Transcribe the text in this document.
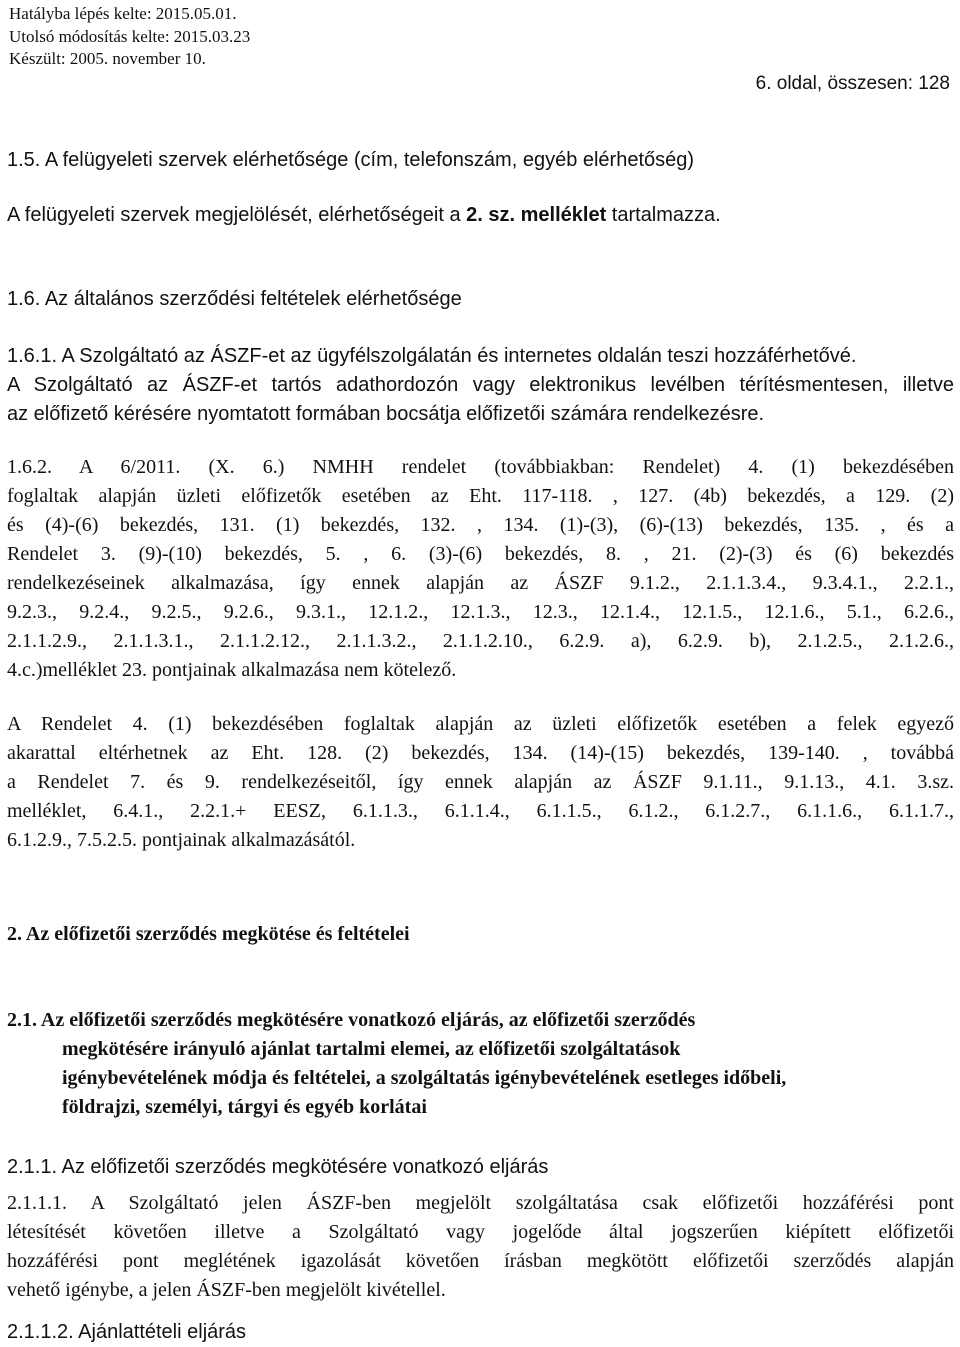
Hatályba lépés kelte: 2015.05.01.
Utolsó módosítás kelte: 2015.03.23
Készült: 2005. november 10.
6. oldal, összesen: 128
1.5. A felügyeleti szervek elérhetősége (cím, telefonszám, egyéb elérhetőség)
A felügyeleti szervek megjelölését, elérhetőségeit a 2. sz. melléklet tartalmazza.
1.6. Az általános szerződési feltételek elérhetősége
1.6.1. A Szolgáltató az ÁSZF-et az ügyfélszolgálatán és internetes oldalán teszi hozzáférhetővé.
A Szolgáltató az ÁSZF-et tartós adathordozón vagy elektronikus levélben térítésmentesen, illetve
az előfizető kérésére nyomtatott formában bocsátja előfizetői számára rendelkezésre.
1.6.2. A 6/2011. (X. 6.) NMHH rendelet (továbbiakban: Rendelet) 4. (1) bekezdésében
foglaltak alapján üzleti előfizetők esetében az Eht. 117-118. , 127. (4b) bekezdés, a 129. (2)
és (4)-(6) bekezdés, 131. (1) bekezdés, 132. , 134. (1)-(3), (6)-(13) bekezdés, 135. , és a
Rendelet 3. (9)-(10) bekezdés, 5. , 6. (3)-(6) bekezdés, 8. , 21. (2)-(3) és (6) bekezdés
rendelkezéseinek alkalmazása, így ennek alapján az ÁSZF 9.1.2., 2.1.1.3.4., 9.3.4.1., 2.2.1.,
9.2.3., 9.2.4., 9.2.5., 9.2.6., 9.3.1., 12.1.2., 12.1.3., 12.3., 12.1.4., 12.1.5., 12.1.6., 5.1., 6.2.6.,
2.1.1.2.9., 2.1.1.3.1., 2.1.1.2.12., 2.1.1.3.2., 2.1.1.2.10., 6.2.9. a), 6.2.9. b), 2.1.2.5., 2.1.2.6.,
4.c.)melléklet 23. pontjainak alkalmazása nem kötelező.
A Rendelet 4. (1) bekezdésében foglaltak alapján az üzleti előfizetők esetében a felek egyező
akarattal eltérhetnek az Eht. 128. (2) bekezdés, 134. (14)-(15) bekezdés, 139-140. , továbbá
a Rendelet 7. és 9. rendelkezéseitől, így ennek alapján az ÁSZF 9.1.11., 9.1.13., 4.1. 3.sz.
melléklet, 6.4.1., 2.2.1.+ EESZ, 6.1.1.3., 6.1.1.4., 6.1.1.5., 6.1.2., 6.1.2.7., 6.1.1.6., 6.1.1.7.,
6.1.2.9., 7.5.2.5. pontjainak alkalmazásától.
2. Az előfizetői szerződés megkötése és feltételei
2.1. Az előfizetői szerződés megkötésére vonatkozó eljárás, az előfizetői szerződés
megkötésére irányuló ajánlat tartalmi elemei, az előfizetői szolgáltatások
igénybevételének módja és feltételei, a szolgáltatás igénybevételének esetleges időbeli,
földrajzi, személyi, tárgyi és egyéb korlátai
2.1.1. Az előfizetői szerződés megkötésére vonatkozó eljárás
2.1.1.1. A Szolgáltató jelen ÁSZF-ben megjelölt szolgáltatása csak előfizetői hozzáférési pont
létesítését követően illetve a Szolgáltató vagy jogelőde által jogszerűen kiépített előfizetői
hozzáférési pont meglétének igazolását követően írásban megkötött előfizetői szerződés alapján
vehető igénybe, a jelen ÁSZF-ben megjelölt kivétellel.
2.1.1.2. Ajánlattételi eljárás
